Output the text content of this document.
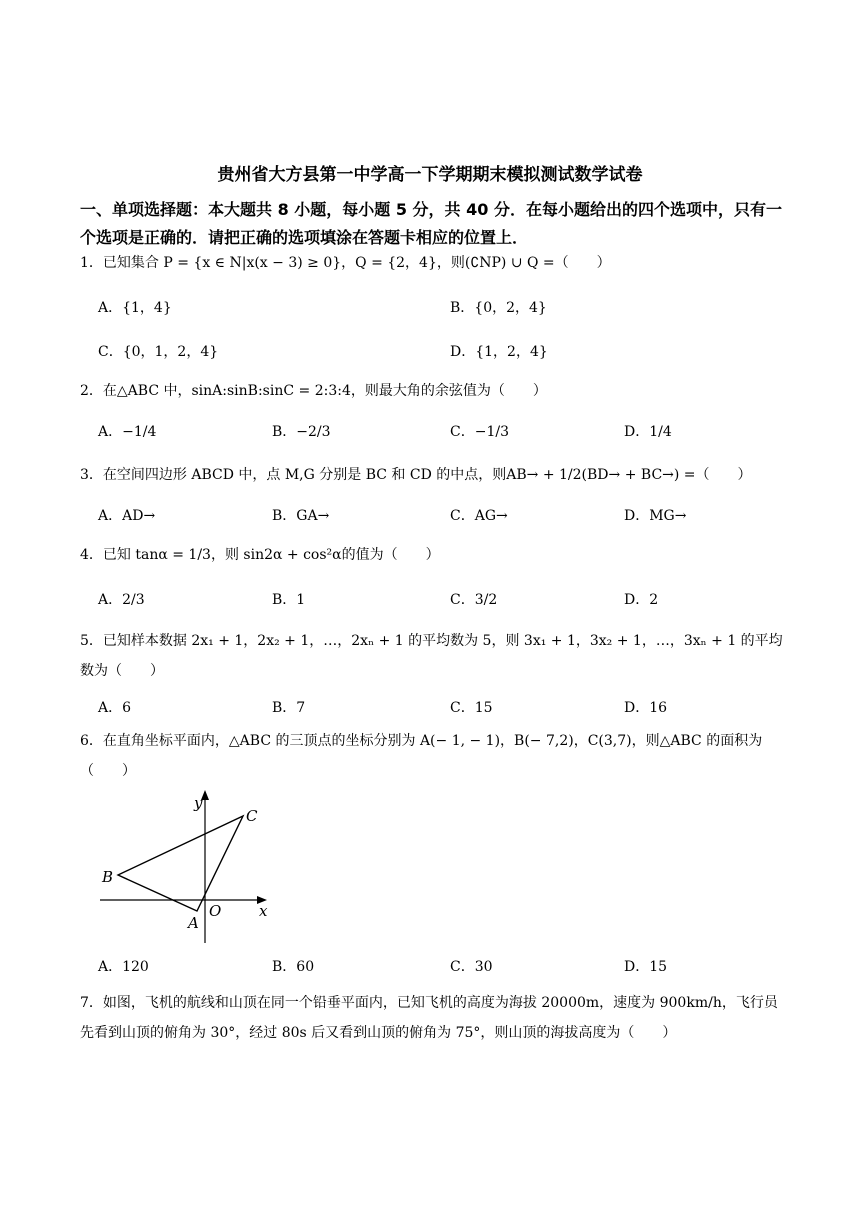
贵州省大方县第一中学高一下学期期末模拟测试数学试卷
一、单项选择题：本大题共 8 小题，每小题 5 分，共 40 分．在每小题给出的四个选项中，只有一个选项是正确的．请把正确的选项填涂在答题卡相应的位置上．
1．已知集合 P = {x ∈ N|x(x − 3) ≥ 0}，Q = {2，4}，则(∁NP) ∪ Q =（　　）
A．{1，4}	B．{0，2，4}
C．{0，1，2，4}	D．{1，2，4}
2．在△ABC 中，sinA:sinB:sinC = 2:3:4，则最大角的余弦值为（　　）
A．−1/4	B．−2/3	C．−1/3	D．1/4
3．在空间四边形 ABCD 中，点 M,G 分别是 BC 和 CD 的中点，则AB→ + 1/2(BD→ + BC→) =（　　）
A．AD→	B．GA→	C．AG→	D．MG→
4．已知 tanα = 1/3，则 sin2α + cos²α的值为（　　）
A．2/3	B．1	C．3/2	D．2
5．已知样本数据 2x₁ + 1，2x₂ + 1，…，2xₙ + 1 的平均数为 5，则 3x₁ + 1，3x₂ + 1，…，3xₙ + 1 的平均数为（　　）
A．6	B．7	C．15	D．16
6．在直角坐标平面内，△ABC 的三顶点的坐标分别为 A(− 1, − 1)，B(− 7,2)，C(3,7)，则△ABC 的面积为（　　）
y
x
O
A
B
C
A．120	B．60	C．30	D．15
7．如图，飞机的航线和山顶在同一个铅垂平面内，已知飞机的高度为海拔 20000m，速度为 900km/h，飞行员先看到山顶的俯角为 30°，经过 80s 后又看到山顶的俯角为 75°，则山顶的海拔高度为（　　）
